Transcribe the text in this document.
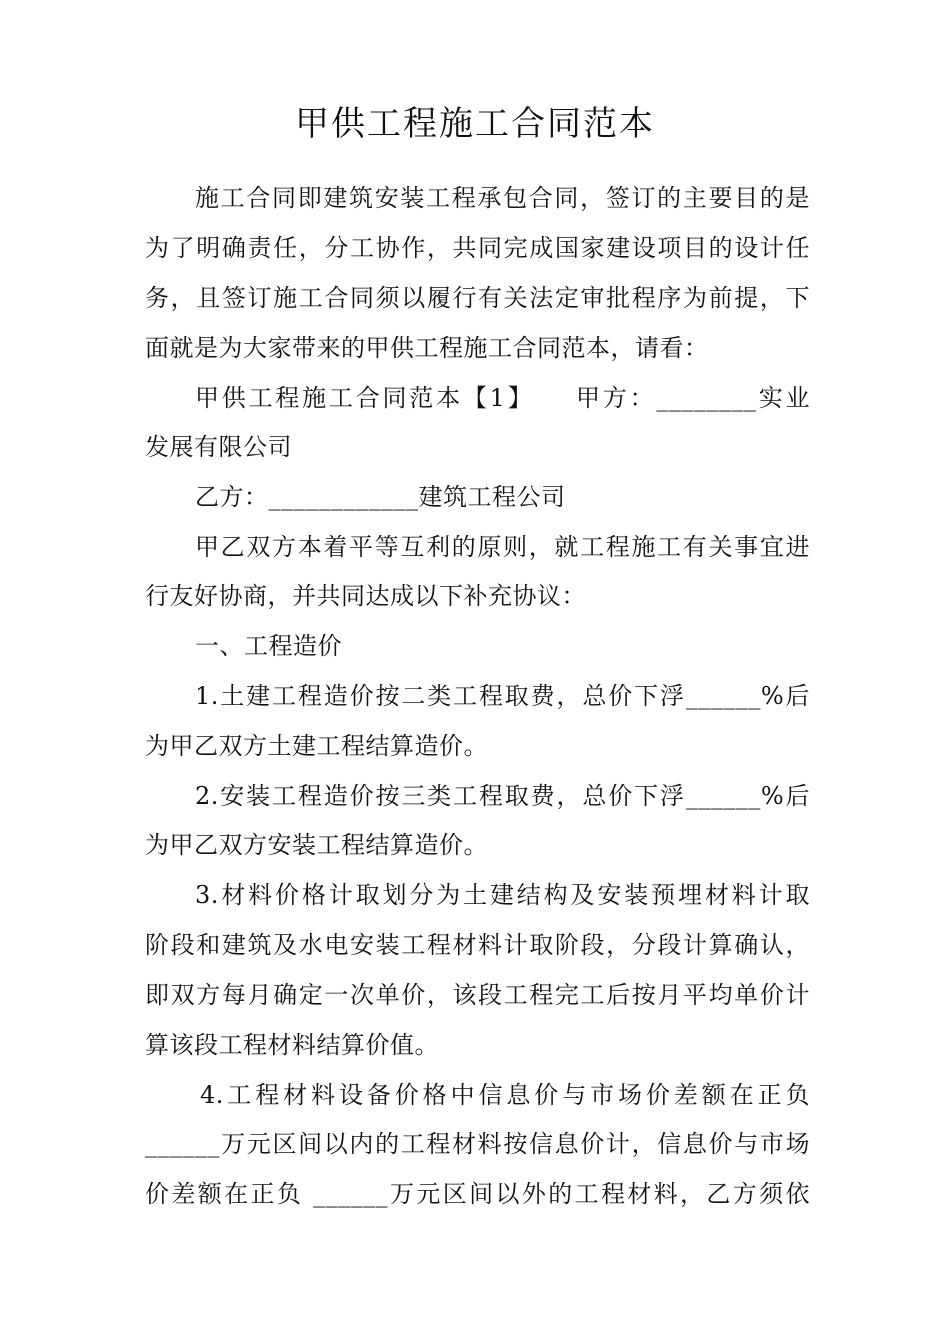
甲供工程施工合同范本
施工合同即建筑安装工程承包合同，签订的主要目的是
为了明确责任，分工协作，共同完成国家建设项目的设计任
务，且签订施工合同须以履行有关法定审批程序为前提，下
面就是为大家带来的甲供工程施工合同范本，请看：
甲供工程施工合同范本【1】　　甲方：________实业
发展有限公司
乙方：____________建筑工程公司
甲乙双方本着平等互利的原则，就工程施工有关事宜进
行友好协商，并共同达成以下补充协议：
一、工程造价
1.土建工程造价按二类工程取费，总价下浮______%后
为甲乙双方土建工程结算造价。
2.安装工程造价按三类工程取费，总价下浮______%后
为甲乙双方安装工程结算造价。
3.材料价格计取划分为土建结构及安装预埋材料计取
阶段和建筑及水电安装工程材料计取阶段，分段计算确认，
即双方每月确定一次单价，该段工程完工后按月平均单价计
算该段工程材料结算价值。
4.工程材料设备价格中信息价与市场价差额在正负
______万元区间以内的工程材料按信息价计，信息价与市场
价差额在正负 ______万元区间以外的工程材料，乙方须依
